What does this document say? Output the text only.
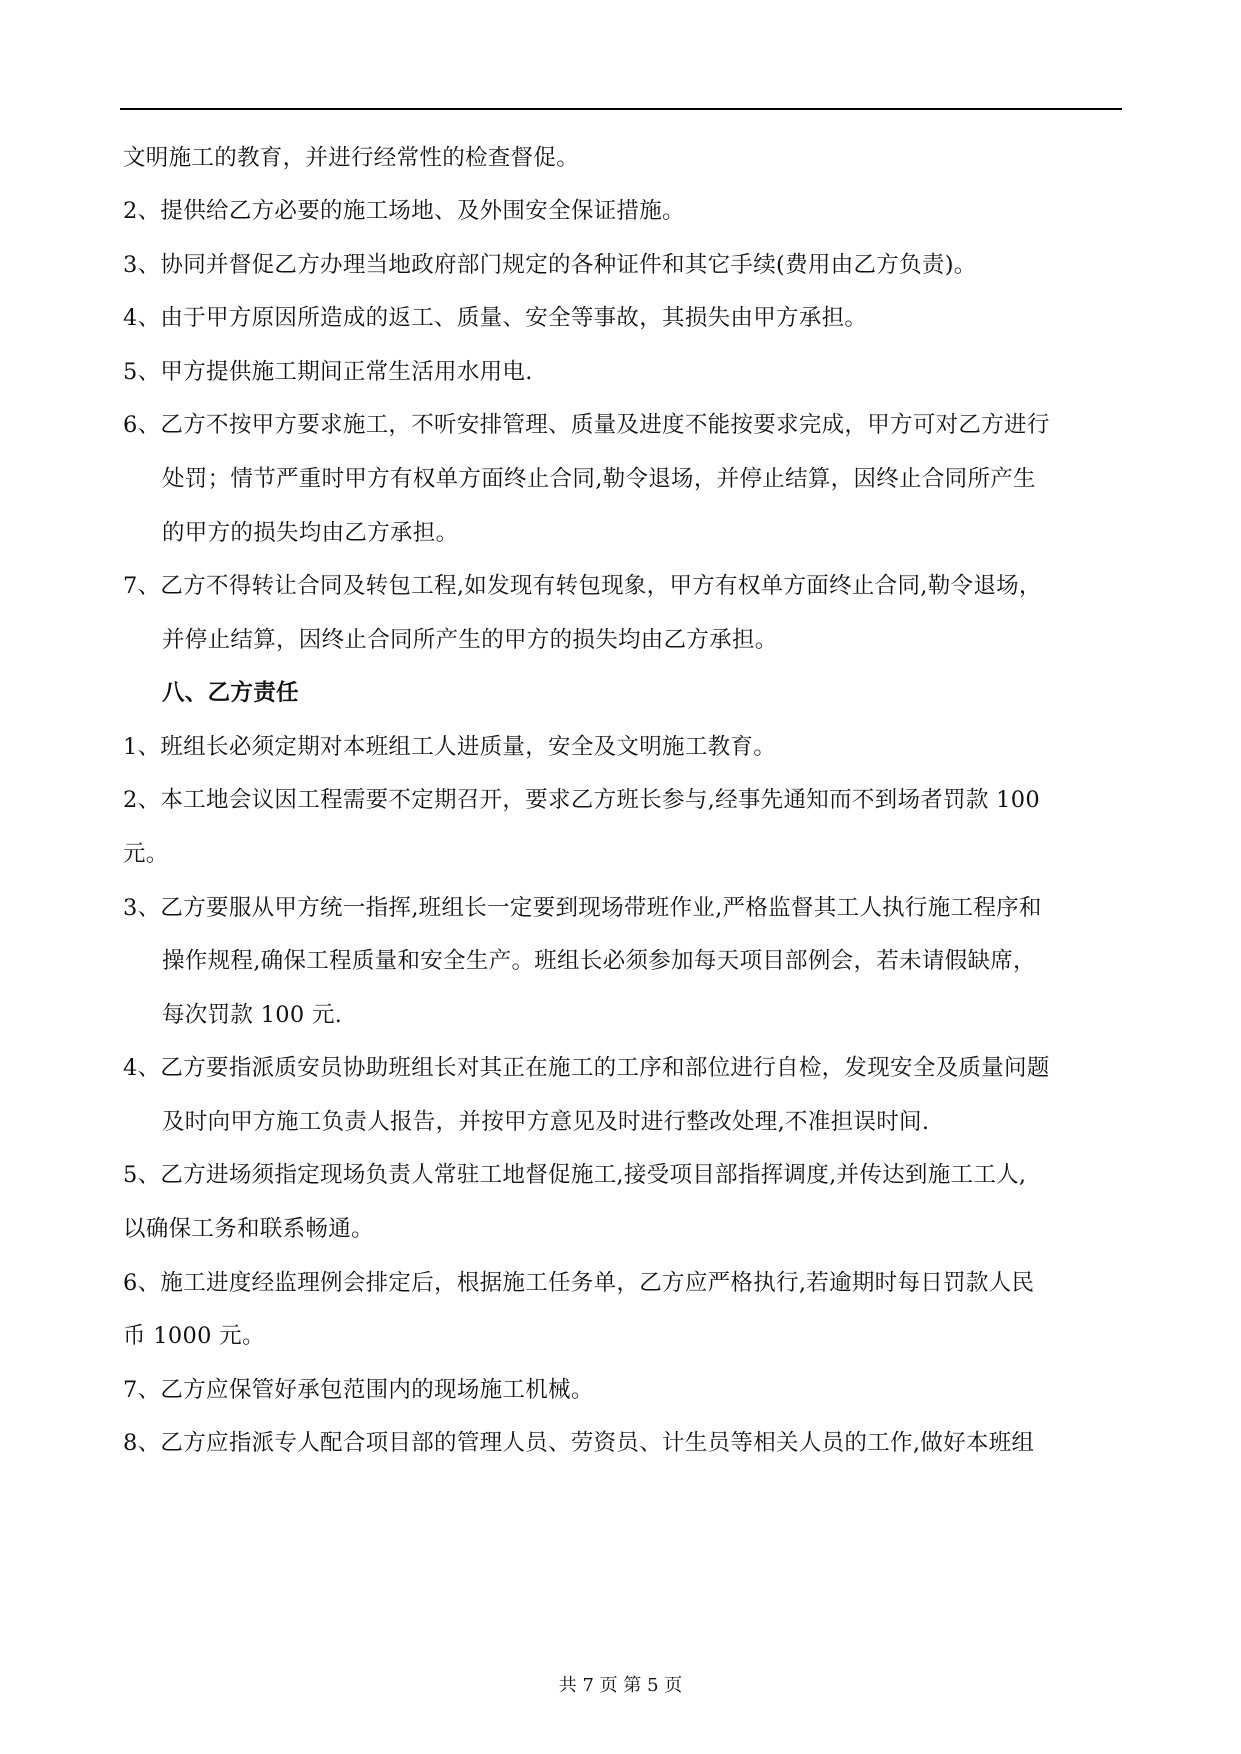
文明施工的教育，并进行经常性的检查督促。
2、提供给乙方必要的施工场地、及外围安全保证措施。
3、协同并督促乙方办理当地政府部门规定的各种证件和其它手续(费用由乙方负责)。
4、由于甲方原因所造成的返工、质量、安全等事故，其损失由甲方承担。
5、甲方提供施工期间正常生活用水用电.
6、乙方不按甲方要求施工，不听安排管理、质量及进度不能按要求完成，甲方可对乙方进行
处罚；情节严重时甲方有权单方面终止合同,勒令退场，并停止结算，因终止合同所产生
的甲方的损失均由乙方承担。
7、乙方不得转让合同及转包工程,如发现有转包现象，甲方有权单方面终止合同,勒令退场，
并停止结算，因终止合同所产生的甲方的损失均由乙方承担。
八、乙方责任
1、班组长必须定期对本班组工人进质量，安全及文明施工教育。
2、本工地会议因工程需要不定期召开，要求乙方班长参与,经事先通知而不到场者罚款 100
元。
3、乙方要服从甲方统一指挥,班组长一定要到现场带班作业,严格监督其工人执行施工程序和
操作规程,确保工程质量和安全生产。班组长必须参加每天项目部例会，若未请假缺席，
每次罚款 100 元.
4、乙方要指派质安员协助班组长对其正在施工的工序和部位进行自检，发现安全及质量问题
及时向甲方施工负责人报告，并按甲方意见及时进行整改处理,不准担误时间.
5、乙方进场须指定现场负责人常驻工地督促施工,接受项目部指挥调度,并传达到施工工人,
以确保工务和联系畅通。
6、施工进度经监理例会排定后，根据施工任务单，乙方应严格执行,若逾期时每日罚款人民
币 1000 元。
7、乙方应保管好承包范围内的现场施工机械。
8、乙方应指派专人配合项目部的管理人员、劳资员、计生员等相关人员的工作,做好本班组
共 7 页 第 5 页
